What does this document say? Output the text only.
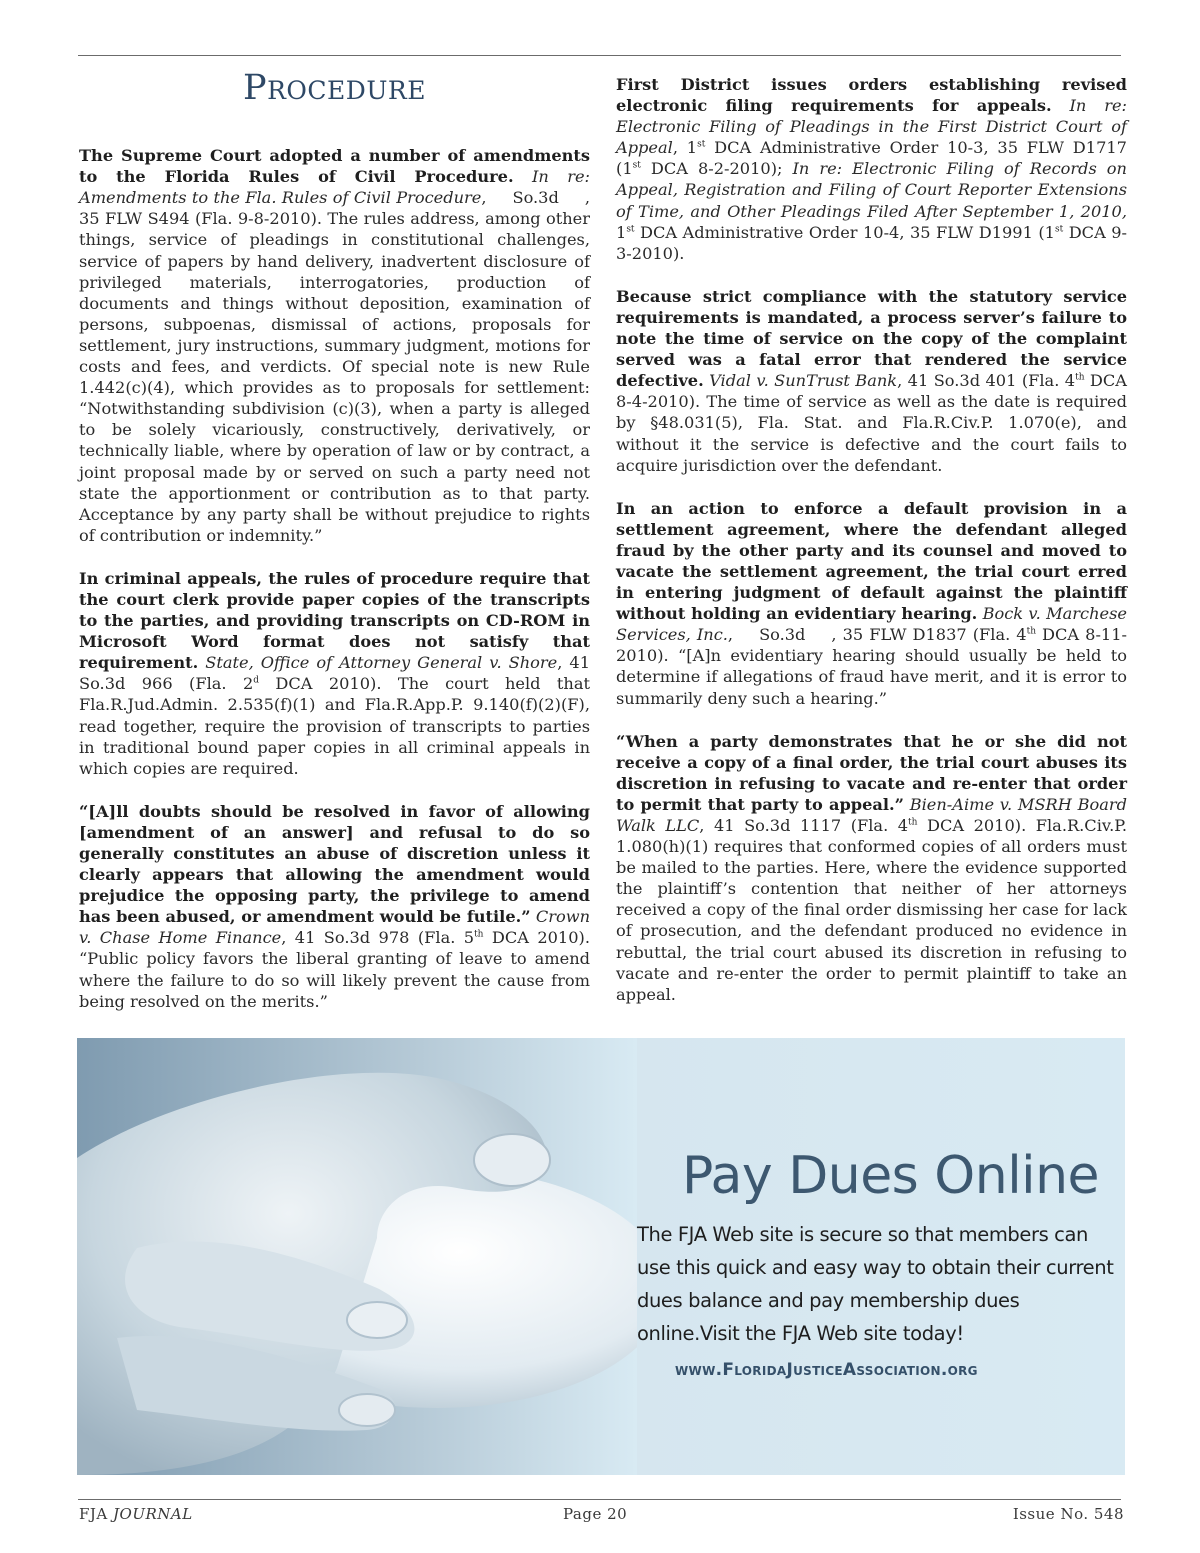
PROCEDURE

The Supreme Court adopted a number of amendments to the Florida Rules of Civil Procedure. In re: Amendments to the Fla. Rules of Civil Procedure, So.3d , 35 FLW S494 (Fla. 9-8-2010). The rules address, among other things, service of pleadings in constitutional challenges, service of papers by hand delivery, inadvertent disclosure of privileged materials, interrogatories, production of documents and things without deposition, examination of persons, subpoenas, dismissal of actions, proposals for settlement, jury instructions, summary judgment, motions for costs and fees, and verdicts. Of special note is new Rule 1.442(c)(4), which provides as to proposals for settlement: “Notwithstanding subdivision (c)(3), when a party is alleged to be solely vicariously, constructively, derivatively, or technically liable, where by operation of law or by contract, a joint proposal made by or served on such a party need not state the apportionment or contribution as to that party. Acceptance by any party shall be without prejudice to rights of contribution or indemnity.”

In criminal appeals, the rules of procedure require that the court clerk provide paper copies of the transcripts to the parties, and providing transcripts on CD-ROM in Microsoft Word format does not satisfy that requirement. State, Office of Attorney General v. Shore, 41 So.3d 966 (Fla. 2$^d$ DCA 2010). The court held that Fla.R.Jud.Admin. 2.535(f)(1) and Fla.R.App.P. 9.140(f)(2)(F), read together, require the provision of transcripts to parties in traditional bound paper copies in all criminal appeals in which copies are required.

“[A]ll doubts should be resolved in favor of allowing [amendment of an answer] and refusal to do so generally constitutes an abuse of discretion unless it clearly appears that allowing the amendment would prejudice the opposing party, the privilege to amend has been abused, or amendment would be futile.” Crown v. Chase Home Finance, 41 So.3d 978 (Fla. 5th DCA 2010). “Public policy favors the liberal granting of leave to amend where the failure to do so will likely prevent the cause from being resolved on the merits.”

First District issues orders establishing revised electronic filing requirements for appeals. In re: Electronic Filing of Pleadings in the First District Court of Appeal, 1st DCA Administrative Order 10-3, 35 FLW D1717 (1st DCA 8-2-2010); In re: Electronic Filing of Records on Appeal, Registration and Filing of Court Reporter Extensions of Time, and Other Pleadings Filed After September 1, 2010, 1st DCA Administrative Order 10-4, 35 FLW D1991 (1st DCA 9-3-2010).

Because strict compliance with the statutory service requirements is mandated, a process server’s failure to note the time of service on the copy of the complaint served was a fatal error that rendered the service defective. Vidal v. SunTrust Bank, 41 So.3d 401 (Fla. 4th DCA 8-4-2010). The time of service as well as the date is required by §48.031(5), Fla. Stat. and Fla.R.Civ.P. 1.070(e), and without it the service is defective and the court fails to acquire jurisdiction over the defendant.

In an action to enforce a default provision in a settlement agreement, where the defendant alleged fraud by the other party and its counsel and moved to vacate the settlement agreement, the trial court erred in entering judgment of default against the plaintiff without holding an evidentiary hearing. Bock v. Marchese Services, Inc., So.3d , 35 FLW D1837 (Fla. 4th DCA 8-11-2010). “[A]n evidentiary hearing should usually be held to determine if allegations of fraud have merit, and it is error to summarily deny such a hearing.”

“When a party demonstrates that he or she did not receive a copy of a final order, the trial court abuses its discretion in refusing to vacate and re-enter that order to permit that party to appeal.” Bien-Aime v. MSRH Board Walk LLC, 41 So.3d 1117 (Fla. 4th DCA 2010). Fla.R.Civ.P. 1.080(h)(1) requires that conformed copies of all orders must be mailed to the parties. Here, where the evidence supported the plaintiff’s contention that neither of her attorneys received a copy of the final order dismissing her case for lack of prosecution, and the defendant produced no evidence in rebuttal, the trial court abused its discretion in refusing to vacate and re-enter the order to permit plaintiff to take an appeal.

Pay Dues Online
The FJA Web site is secure so that members can use this quick and easy way to obtain their current dues balance and pay membership dues online.Visit the FJA Web site today!
www.FloridaJusticeAssociation.org
FJA JOURNAL	Page 20	Issue No. 548
